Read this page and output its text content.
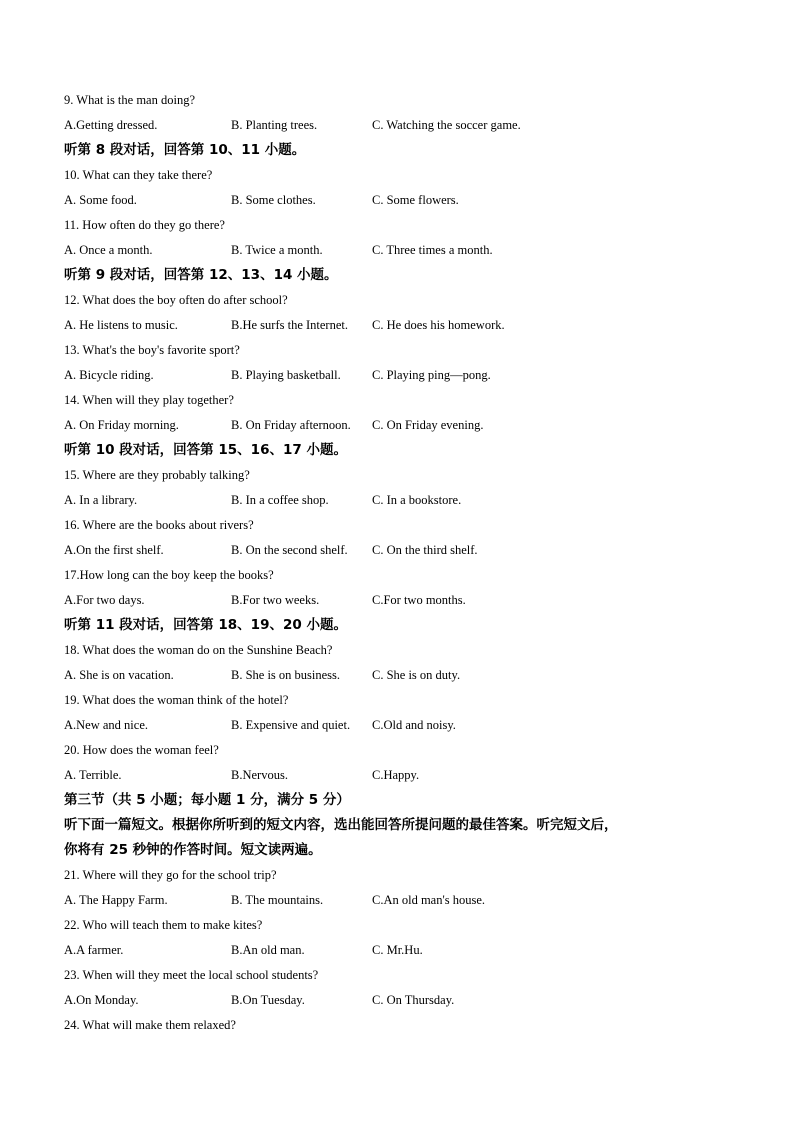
9. What is the man doing?
A.Getting dressed.	B. Planting trees.	C. Watching the soccer game.
听第 8 段对话，回答第 10、11 小题。
10. What can they take there?
A. Some food.	B. Some clothes.	C. Some flowers.
11. How often do they go there?
A. Once a month.	B. Twice a month.	C. Three times a month.
听第 9 段对话，回答第 12、13、14 小题。
12. What does the boy often do after school?
A. He listens to music.	B.He surfs the Internet. C. He does his homework.
13. What's the boy's favorite sport?
A. Bicycle riding.	B. Playing basketball.	C. Playing ping—pong.
14. When will they play together?
A. On Friday morning.	B. On Friday afternoon. C. On Friday evening.
听第 10 段对话，回答第 15、16、17 小题。
15. Where are they probably talking?
A. In a library.	B. In a coffee shop.	C. In a bookstore.
16. Where are the books about rivers?
A.On the first shelf.	B. On the second shelf. C. On the third shelf.
17.How long can the boy keep the books?
A.For two days.	B.For two weeks.	C.For two months.
听第 11 段对话，回答第 18、19、20 小题。
18. What does the woman do on the Sunshine Beach?
A. She is on vacation.	B. She is on business.	C. She is on duty.
19. What does the woman think of the hotel?
A.New and nice.	B. Expensive and quiet. C.Old and noisy.
20. How does the woman feel?
A. Terrible.	B.Nervous.	C.Happy.
第三节（共 5 小题；每小题 1 分，满分 5 分）
听下面一篇短文。根据你所听到的短文内容，选出能回答所提问题的最佳答案。听完短文后，
你将有 25 秒钟的作答时间。短文读两遍。
21. Where will they go for the school trip?
A. The Happy Farm.	B. The mountains.	C.An old man's house.
22. Who will teach them to make kites?
A.A farmer.	B.An old man.	C. Mr.Hu.
23. When will they meet the local school students?
A.On Monday.	B.On Tuesday.	C. On Thursday.
24. What will make them relaxed?
